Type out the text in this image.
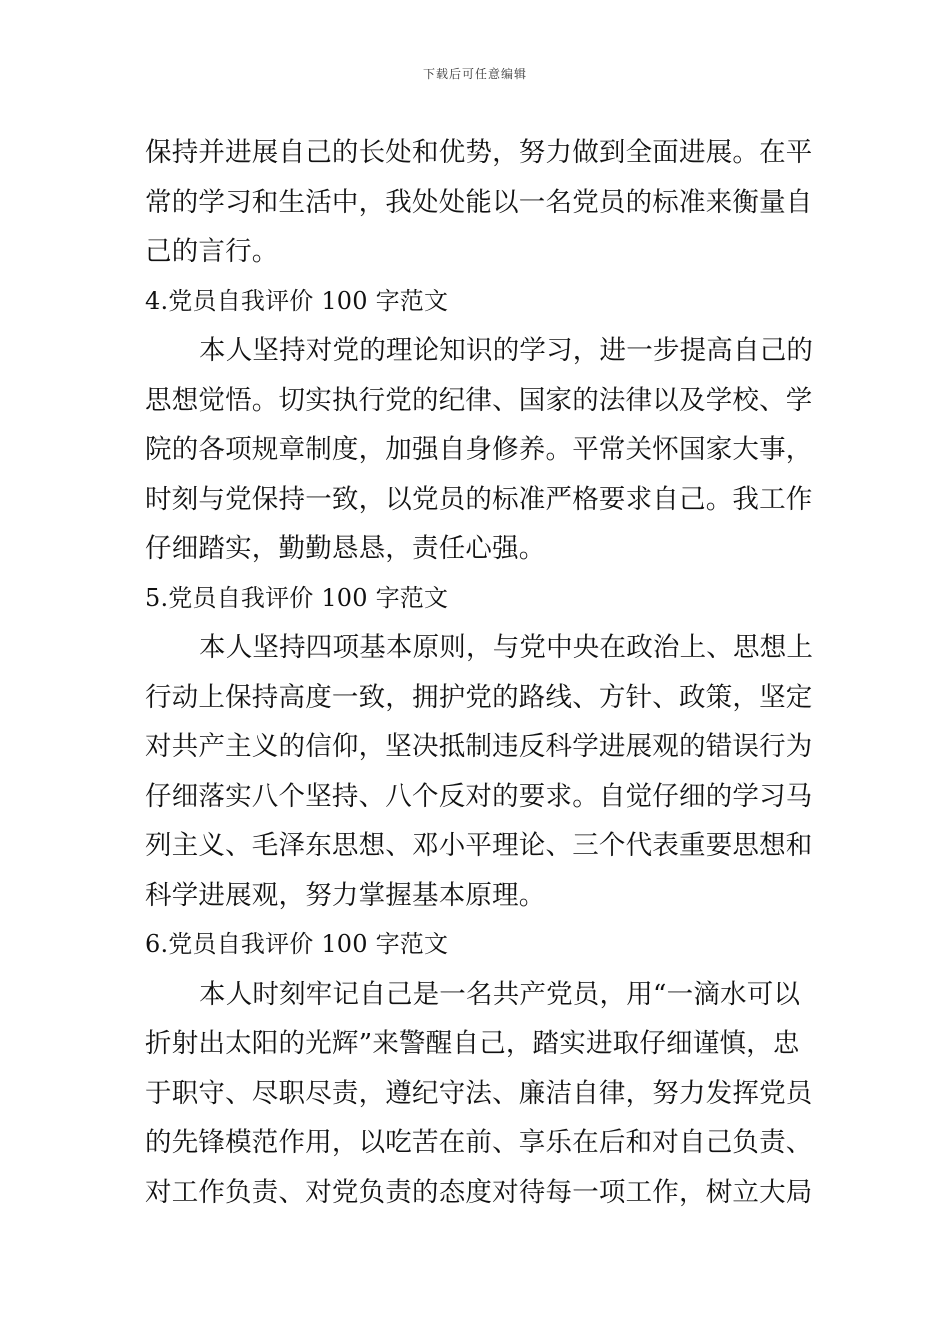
下载后可任意编辑
保持并进展自己的长处和优势，努力做到全面进展。在平
常的学习和生活中，我处处能以一名党员的标准来衡量自
己的言行。
4.党员自我评价 100 字范文
本人坚持对党的理论知识的学习，进一步提高自己的
思想觉悟。切实执行党的纪律、国家的法律以及学校、学
院的各项规章制度，加强自身修养。平常关怀国家大事，
时刻与党保持一致，以党员的标准严格要求自己。我工作
仔细踏实，勤勤恳恳，责任心强。
5.党员自我评价 100 字范文
本人坚持四项基本原则，与党中央在政治上、思想上
行动上保持高度一致，拥护党的路线、方针、政策，坚定
对共产主义的信仰，坚决抵制违反科学进展观的错误行为
仔细落实八个坚持、八个反对的要求。自觉仔细的学习马
列主义、毛泽东思想、邓小平理论、三个代表重要思想和
科学进展观，努力掌握基本原理。
6.党员自我评价 100 字范文
本人时刻牢记自己是一名共产党员，用“一滴水可以
折射出太阳的光辉”来警醒自己，踏实进取仔细谨慎，忠
于职守、尽职尽责，遵纪守法、廉洁自律，努力发挥党员
的先锋模范作用，以吃苦在前、享乐在后和对自己负责、
对工作负责、对党负责的态度对待每一项工作，树立大局
